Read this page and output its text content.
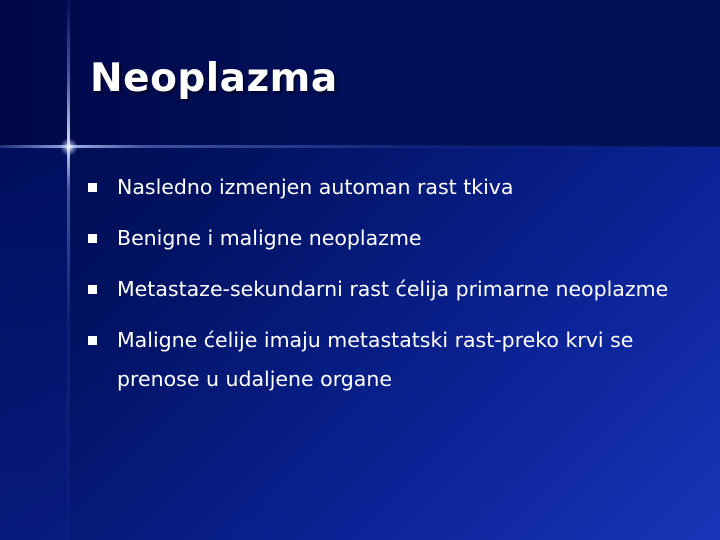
Neoplazma
Nasledno izmenjen automan rast tkiva
Benigne i maligne neoplazme
Metastaze-sekundarni rast ćelija primarne neoplazme
Maligne ćelije imaju metastatski rast-preko krvi se prenose u udaljene organe
